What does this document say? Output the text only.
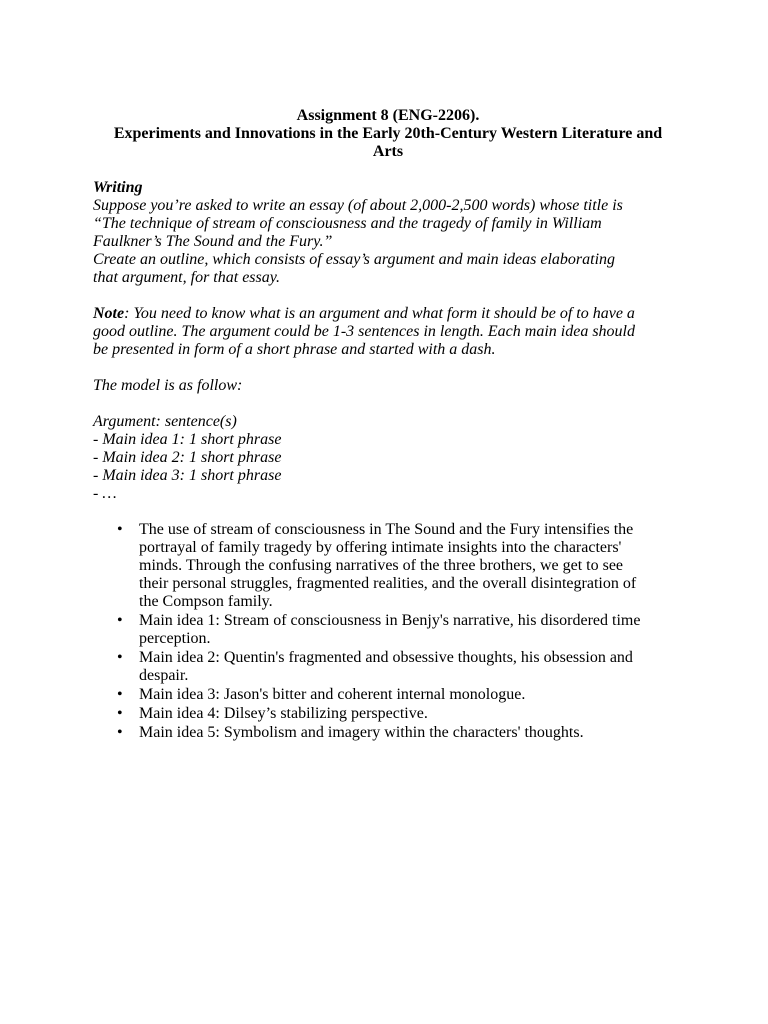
Assignment 8 (ENG-2206).
Experiments and Innovations in the Early 20th-Century Western Literature and
Arts
Writing
Suppose you’re asked to write an essay (of about 2,000-2,500 words) whose title is
“The technique of stream of consciousness and the tragedy of family in William
Faulkner’s The Sound and the Fury.”
Create an outline, which consists of essay’s argument and main ideas elaborating
that argument, for that essay.
Note: You need to know what is an argument and what form it should be of to have a
good outline. The argument could be 1-3 sentences in length. Each main idea should
be presented in form of a short phrase and started with a dash.
The model is as follow:
Argument: sentence(s)
- Main idea 1: 1 short phrase
- Main idea 2: 1 short phrase
- Main idea 3: 1 short phrase
- …
• The use of stream of consciousness in The Sound and the Fury intensifies the
portrayal of family tragedy by offering intimate insights into the characters'
minds. Through the confusing narratives of the three brothers, we get to see
their personal struggles, fragmented realities, and the overall disintegration of
the Compson family.
• Main idea 1: Stream of consciousness in Benjy's narrative, his disordered time
perception.
• Main idea 2: Quentin's fragmented and obsessive thoughts, his obsession and
despair.
• Main idea 3: Jason's bitter and coherent internal monologue.
• Main idea 4: Dilsey’s stabilizing perspective.
• Main idea 5: Symbolism and imagery within the characters' thoughts.
